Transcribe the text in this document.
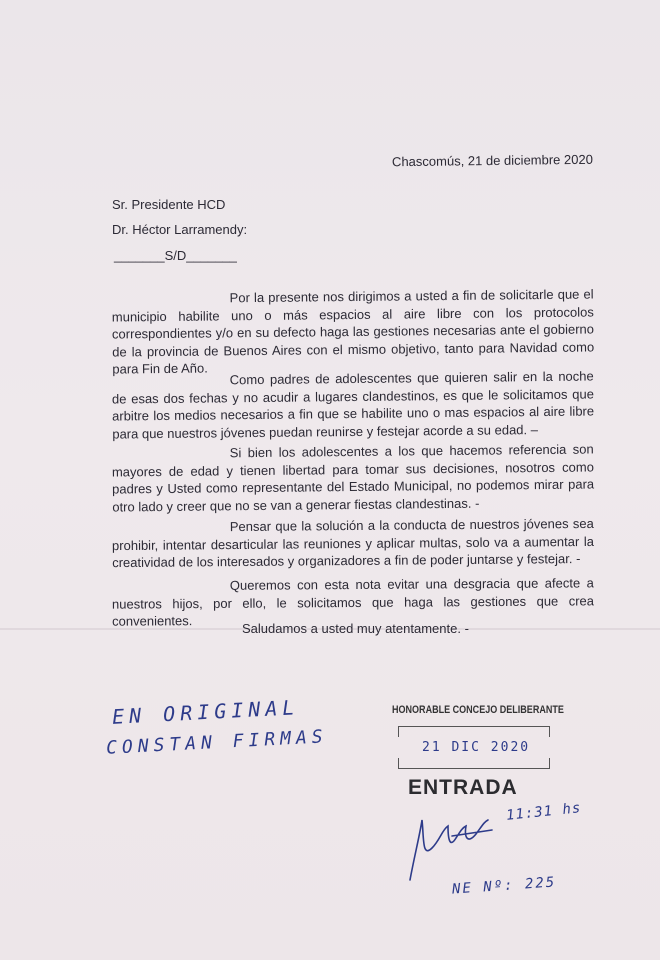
Chascomús, 21 de diciembre 2020
Sr. Presidente HCD
Dr. Héctor Larramendy:
_______S/D_______

Por la presente nos dirigimos a usted a fin de solicitarle que el municipio habilite uno o más espacios al aire libre con los protocolos correspondientes y/o en su defecto haga las gestiones necesarias ante el gobierno de la provincia de Buenos Aires con el mismo objetivo, tanto para Navidad como para Fin de Año.	Como padres de adolescentes que quieren salir en la noche de esas dos fechas y no acudir a lugares clandestinos, es que le solicitamos que arbitre los medios necesarios a fin que se habilite uno o mas espacios al aire libre para que nuestros jóvenes puedan reunirse y festejar acorde a su edad. –

Si bien los adolescentes a los que hacemos referencia son mayores de edad y tienen libertad para tomar sus decisiones, nosotros como padres y Usted como representante del Estado Municipal, no podemos mirar para otro lado y creer que no se van a generar fiestas clandestinas. -

Pensar que la solución a la conducta de nuestros jóvenes sea prohibir, intentar desarticular las reuniones y aplicar multas, solo va a aumentar la creatividad de los interesados y organizadores a fin de poder juntarse y festejar. -

Queremos con esta nota evitar una desgracia que afecte a nuestros hijos, por ello, le solicitamos que haga las gestiones que crea convenientes.	Saludamos a usted muy atentamente. -
EN ORIGINAL
CONSTAN FIRMAS
HONORABLE CONCEJO DELIBERANTE
21 DIC 2020
ENTRADA
11:31 hs
NE Nº: 225
